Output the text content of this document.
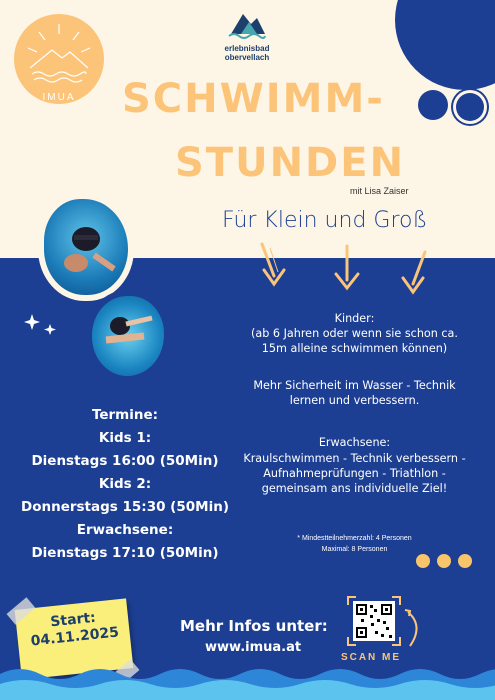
IMUA
erlebnisbad
obervellach
SCHWIMM-
STUNDEN
mit Lisa Zaiser
Für Klein und Groß
Kinder:
(ab 6 Jahren oder wenn sie schon ca. 15m alleine schwimmen können)
Mehr Sicherheit im Wasser - Technik lernen und verbessern.
Erwachsene:
Kraulschwimmen - Technik verbessern - Aufnahmeprüfungen - Triathlon - gemeinsam ans individuelle Ziel!
* Mindestteilnehmerzahl: 4 Personen
Maximal: 8 Personen
Termine:
Kids 1:
Dienstags 16:00 (50Min)
Kids 2:
Donnerstags 15:30 (50Min)
Erwachsene:
Dienstags 17:10 (50Min)
Start:
04.11.2025	Mehr Infos unter:
www.imua.at
SCAN ME
